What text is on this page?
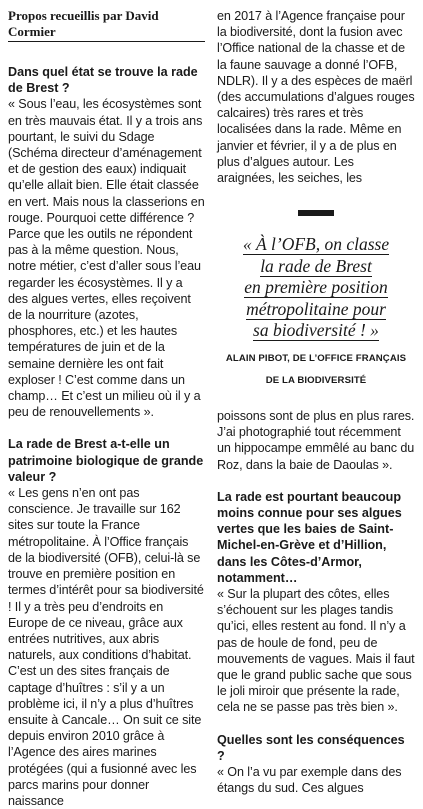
Propos recueillis par David Cormier

Dans quel état se trouve la rade de Brest ?

« Sous l’eau, les écosystèmes sont en très mauvais état. Il y a trois ans pourtant, le suivi du Sdage (Schéma directeur d’aménagement et de gestion des eaux) indiquait qu’elle allait bien. Elle était classée en vert. Mais nous la classerions en rouge. Pourquoi cette différence ? Parce que les outils ne répondent pas à la même question. Nous, notre métier, c’est d’aller sous l’eau regarder les écosystèmes. Il y a des algues vertes, elles reçoivent de la nourriture (azotes, phosphores, etc.) et les hautes températures de juin et de la semaine dernière les ont fait exploser ! C’est comme dans un champ… Et c’est un milieu où il y a peu de renouvellements ».

La rade de Brest a-t-elle un patrimoine biologique de grande valeur ?

« Les gens n’en ont pas conscience. Je travaille sur 162 sites sur toute la France métropolitaine. À l’Office français de la biodiversité (OFB), celui-là se trouve en première position en termes d’intérêt pour sa biodiversité ! Il y a très peu d’endroits en Europe de ce niveau, grâce aux entrées nutritives, aux abris naturels, aux conditions d’habitat. C’est un des sites français de captage d’huîtres : s’il y a un problème ici, il n’y a plus d’huîtres ensuite à Cancale… On suit ce site depuis environ 2010 grâce à l’Agence des aires marines protégées (qui a fusionné avec les parcs marins pour donner naissance

en 2017 à l’Agence française pour la biodiversité, dont la fusion avec l’Office national de la chasse et de la faune sauvage a donné l’OFB, NDLR). Il y a des espèces de maërl (des accumulations d’algues rouges calcaires) très rares et très localisées dans la rade. Même en janvier et février, il y a de plus en plus d’algues autour. Les araignées, les seiches, les

« À l’OFB, on classe
la rade de Brest
en première position
métropolitaine pour
sa biodiversité ! »

ALAIN PIBOT, DE L’OFFICE FRANÇAIS
DE LA BIODIVERSITÉ

poissons sont de plus en plus rares. J’ai photographié tout récemment un hippocampe emmêlé au banc du Roz, dans la baie de Daoulas ».

La rade est pourtant beaucoup moins connue pour ses algues vertes que les baies de Saint-Michel-en-Grève et d’Hillion, dans les Côtes-d’Armor, notamment…

« Sur la plupart des côtes, elles s’échouent sur les plages tandis qu’ici, elles restent au fond. Il n’y a pas de houle de fond, peu de mouvements de vagues. Mais il faut que le grand public sache que sous le joli miroir que présente la rade, cela ne se passe pas très bien ».

Quelles sont les conséquences ?

« On l’a vu par exemple dans des étangs du sud. Ces algues
